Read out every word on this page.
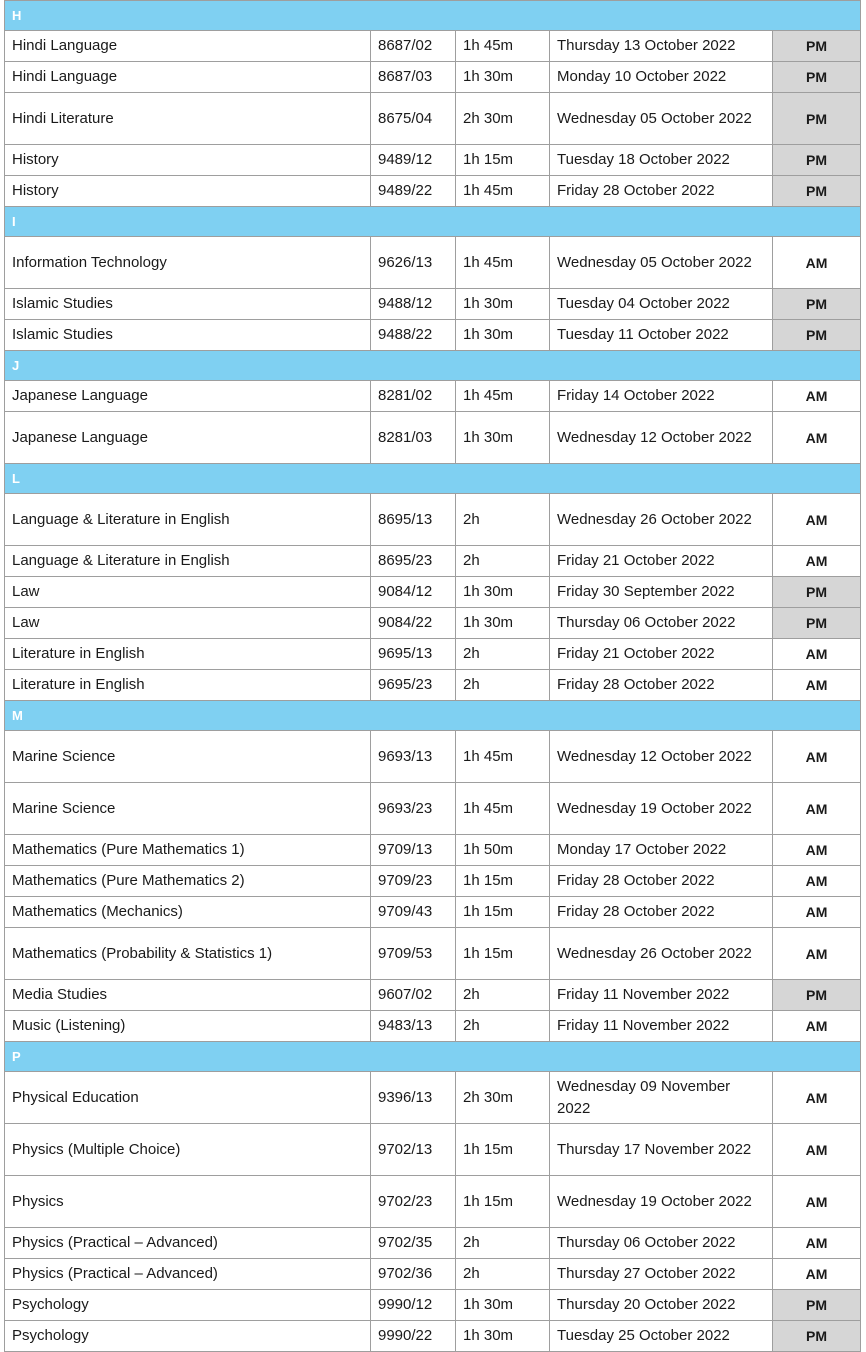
H				
Hindi Language	8687/02	1h 45m	Thursday 13 October 2022	PM
Hindi Language	8687/03	1h 30m	Monday 10 October 2022	PM
Hindi Literature	8675/04	2h 30m	Wednesday 05 October 2022	PM
History	9489/12	1h 15m	Tuesday 18 October 2022	PM
History	9489/22	1h 45m	Friday 28 October 2022	PM
I				
Information Technology	9626/13	1h 45m	Wednesday 05 October 2022	AM
Islamic Studies	9488/12	1h 30m	Tuesday 04 October 2022	PM
Islamic Studies	9488/22	1h 30m	Tuesday 11 October 2022	PM
J				
Japanese Language	8281/02	1h 45m	Friday 14 October 2022	AM
Japanese Language	8281/03	1h 30m	Wednesday 12 October 2022	AM
L				
Language & Literature in English	8695/13	2h	Wednesday 26 October 2022	AM
Language & Literature in English	8695/23	2h	Friday 21 October 2022	AM
Law	9084/12	1h 30m	Friday 30 September 2022	PM
Law	9084/22	1h 30m	Thursday 06 October 2022	PM
Literature in English	9695/13	2h	Friday 21 October 2022	AM
Literature in English	9695/23	2h	Friday 28 October 2022	AM
M				
Marine Science	9693/13	1h 45m	Wednesday 12 October 2022	AM
Marine Science	9693/23	1h 45m	Wednesday 19 October 2022	AM
Mathematics (Pure Mathematics 1)	9709/13	1h 50m	Monday 17 October 2022	AM
Mathematics (Pure Mathematics 2)	9709/23	1h 15m	Friday 28 October 2022	AM
Mathematics (Mechanics)	9709/43	1h 15m	Friday 28 October 2022	AM
Mathematics (Probability & Statistics 1)	9709/53	1h 15m	Wednesday 26 October 2022	AM
Media Studies	9607/02	2h	Friday 11 November 2022	PM
Music (Listening)	9483/13	2h	Friday 11 November 2022	AM
P				
Physical Education	9396/13	2h 30m	Wednesday 09 November 2022	AM
Physics (Multiple Choice)	9702/13	1h 15m	Thursday 17 November 2022	AM
Physics	9702/23	1h 15m	Wednesday 19 October 2022	AM
Physics (Practical – Advanced)	9702/35	2h	Thursday 06 October 2022	AM
Physics (Practical – Advanced)	9702/36	2h	Thursday 27 October 2022	AM
Psychology	9990/12	1h 30m	Thursday 20 October 2022	PM
Psychology	9990/22	1h 30m	Tuesday 25 October 2022	PM
